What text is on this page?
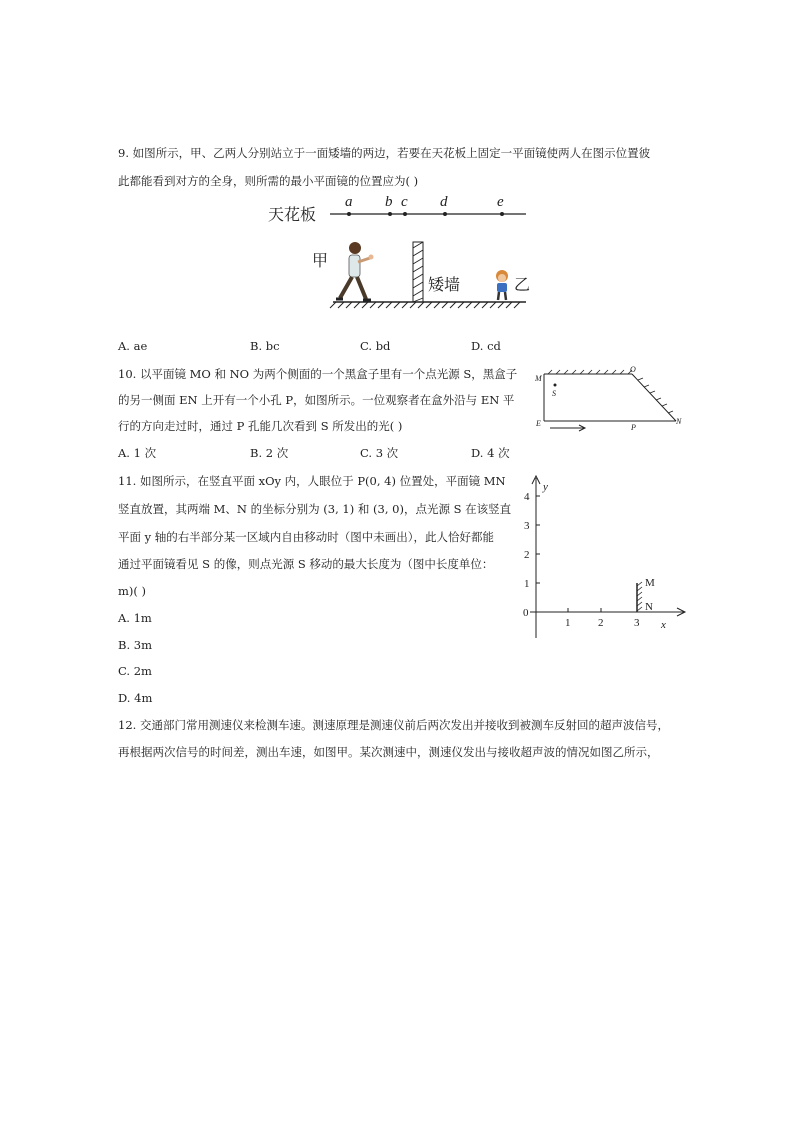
9. 如图所示，甲、乙两人分别站立于一面矮墙的两边，若要在天花板上固定一平面镜使两人在图示位置彼
此都能看到对方的全身，则所需的最小平面镜的位置应为( )
天花板
a b c d	e
甲
矮墙	乙
A. ae	B. bc	C. bd	D. cd
10. 以平面镜 MO 和 NO 为两个侧面的一个黑盒子里有一个点光源 S，黑盒子
的另一侧面 EN 上开有一个小孔 P，如图所示。一位观察者在盒外沿与 EN 平
行的方向走过时，通过 P 孔能几次看到 S 所发出的光( )
M
O
S
E	P
N
A. 1 次	B. 2 次	C. 3 次	D. 4 次
11. 如图所示，在竖直平面 xOy 内，人眼位于 P(0, 4) 位置处，平面镜 MN
竖直放置，其两端 M、N 的坐标分别为 (3, 1) 和 (3, 0)，点光源 S 在该竖直
平面 y 轴的右半部分某一区域内自由移动时（图中未画出），此人恰好都能
通过平面镜看见 S 的像，则点光源 S 移动的最大长度为（图中长度单位：
m)( )
y
x
0
1	2	3
1
2
3
4
M
N
A. 1m
B. 3m
C. 2m
D. 4m
12. 交通部门常用测速仪来检测车速。测速原理是测速仪前后两次发出并接收到被测车反射回的超声波信号，
再根据两次信号的时间差，测出车速，如图甲。某次测速中，测速仪发出与接收超声波的情况如图乙所示，
